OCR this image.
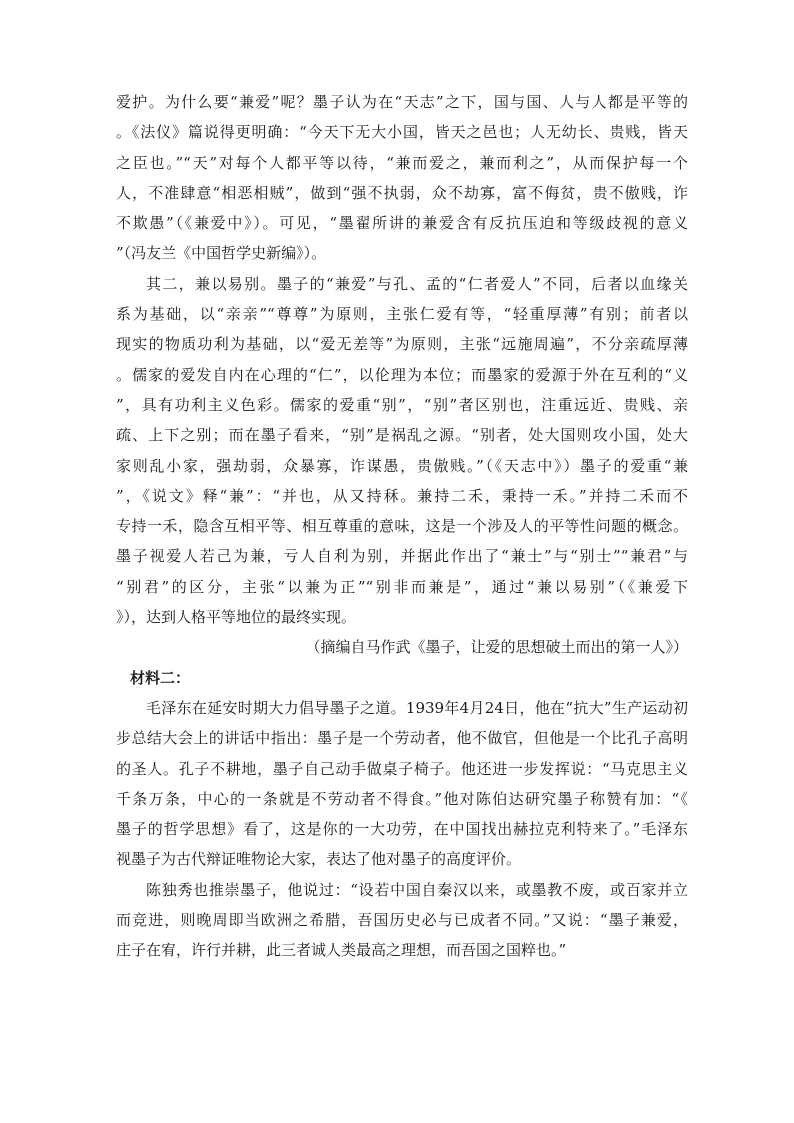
爱护。为什么要“兼爱”呢？墨子认为在“天志”之下，国与国、人与人都是平等的
。《法仪》篇说得更明确：“今天下无大小国，皆天之邑也；人无幼长、贵贱，皆天
之臣也。”“天”对每个人都平等以待，“兼而爱之，兼而利之”，从而保护每一个
人，不准肆意“相恶相贼”，做到“强不执弱，众不劫寡，富不侮贫，贵不傲贱，诈
不欺愚”（《兼爱中》）。可见，“墨翟所讲的兼爱含有反抗压迫和等级歧视的意义
”（冯友兰《中国哲学史新编》）。
其二，兼以易别。墨子的“兼爱”与孔、孟的“仁者爱人”不同，后者以血缘关
系为基础，以“亲亲”“尊尊”为原则，主张仁爱有等，“轻重厚薄”有别；前者以
现实的物质功利为基础，以“爱无差等”为原则，主张“远施周遍”，不分亲疏厚薄
。儒家的爱发自内在心理的“仁”，以伦理为本位；而墨家的爱源于外在互利的“义
”，具有功利主义色彩。儒家的爱重“别”，“别”者区别也，注重远近、贵贱、亲
疏、上下之别；而在墨子看来，“别”是祸乱之源。“别者，处大国则攻小国，处大
家则乱小家，强劫弱，众暴寡，诈谋愚，贵傲贱。”（《天志中》）墨子的爱重“兼
”，《说文》释“兼”：“并也，从又持秝。兼持二禾，秉持一禾。”并持二禾而不
专持一禾，隐含互相平等、相互尊重的意味，这是一个涉及人的平等性问题的概念。
墨子视爱人若己为兼，亏人自利为别，并据此作出了“兼士”与“别士”“兼君”与
“别君”的区分，主张“以兼为正”“别非而兼是”，通过“兼以易别”（《兼爱下
》），达到人格平等地位的最终实现。
（摘编自马作武《墨子，让爱的思想破土而出的第一人》）
材料二：
毛泽东在延安时期大力倡导墨子之道。1939年4月24日，他在“抗大”生产运动初
步总结大会上的讲话中指出：墨子是一个劳动者，他不做官，但他是一个比孔子高明
的圣人。孔子不耕地，墨子自己动手做桌子椅子。他还进一步发挥说：“马克思主义
千条万条，中心的一条就是不劳动者不得食。”他对陈伯达研究墨子称赞有加：“《
墨子的哲学思想》看了，这是你的一大功劳，在中国找出赫拉克利特来了。”毛泽东
视墨子为古代辩证唯物论大家，表达了他对墨子的高度评价。
陈独秀也推崇墨子，他说过：“设若中国自秦汉以来，或墨教不废，或百家并立
而竞进，则晚周即当欧洲之希腊，吾国历史必与已成者不同。”又说：“墨子兼爱，
庄子在宥，许行并耕，此三者诚人类最高之理想，而吾国之国粹也。”
